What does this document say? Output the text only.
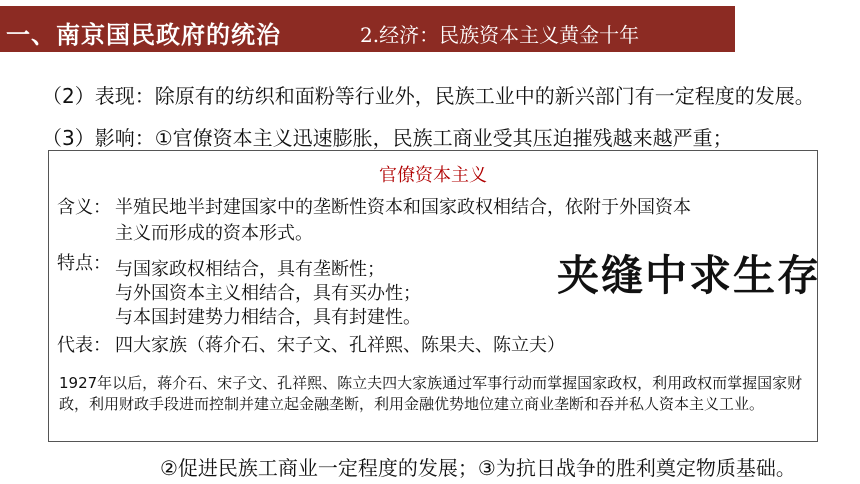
一、南京国民政府的统治	2.经济：民族资本主义黄金十年
（2）表现：除原有的纺织和面粉等行业外，民族工业中的新兴部门有一定程度的发展。
（3）影响：①官僚资本主义迅速膨胀，民族工商业受其压迫摧残越来越严重；
官僚资本主义
含义： 半殖民地半封建国家中的垄断性资本和国家政权相结合，依附于外国资本
主义而形成的资本形式。
特点： 与国家政权相结合，具有垄断性；
与外国资本主义相结合，具有买办性；
与本国封建势力相结合，具有封建性。
代表： 四大家族（蒋介石、宋子文、孔祥熙、陈果夫、陈立夫）
1927年以后，蒋介石、宋子文、孔祥熙、陈立夫四大家族通过军事行动而掌握国家政权，利用政权而掌握国家财政，利用财政手段进而控制并建立起金融垄断，利用金融优势地位建立商业垄断和吞并私人资本主义工业。
夹缝中求生存
②促进民族工商业一定程度的发展；③为抗日战争的胜利奠定物质基础。
